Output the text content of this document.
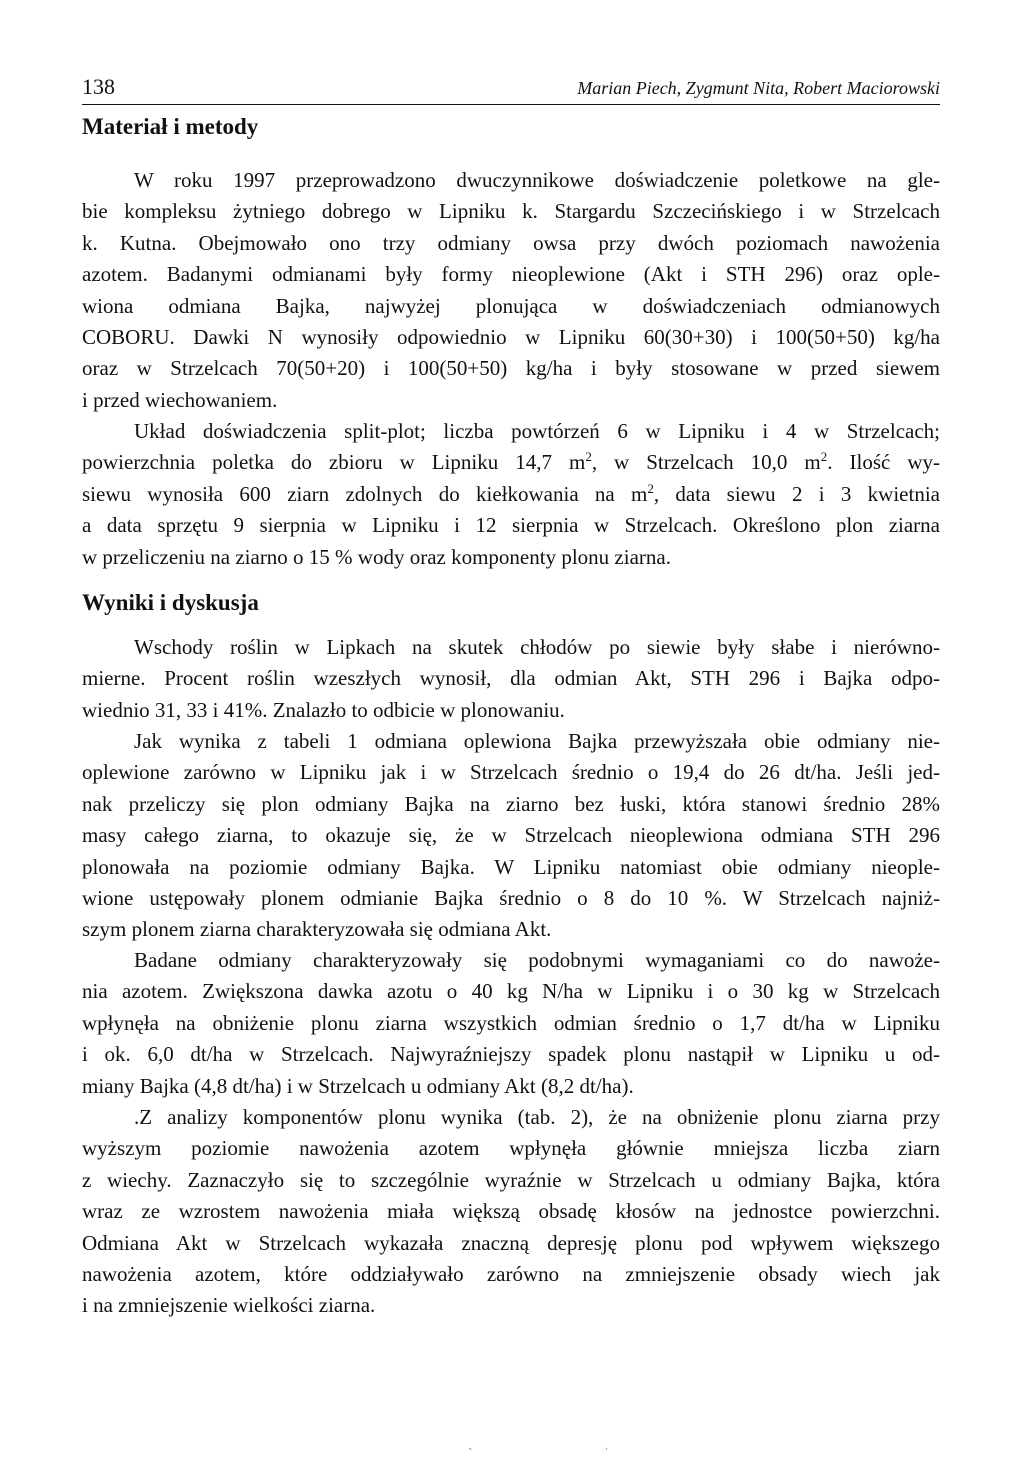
138	Marian Piech, Zygmunt Nita, Robert Maciorowski
Materiał i metody

W roku 1997 przeprowadzono dwuczynnikowe doświadczenie poletkowe na gle-
bie kompleksu żytniego dobrego w Lipniku k. Stargardu Szczecińskiego i w Strzelcach
k. Kutna. Obejmowało ono trzy odmiany owsa przy dwóch poziomach nawożenia
azotem. Badanymi odmianami były formy nieoplewione (Akt i STH 296) oraz ople-
wiona odmiana Bajka, najwyżej plonująca w doświadczeniach odmianowych
COBORU. Dawki N wynosiły odpowiednio w Lipniku 60(30+30) i 100(50+50) kg/ha
oraz w Strzelcach 70(50+20) i 100(50+50) kg/ha i były stosowane w przed siewem
i przed wiechowaniem.

Układ doświadczenia split-plot; liczba powtórzeń 6 w Lipniku i 4 w Strzelcach;
powierzchnia poletka do zbioru w Lipniku 14,7 $m^2$, w Strzelcach 10,0 $m^2$. Ilość wy-
siewu wynosiła 600 ziarn zdolnych do kiełkowania na $m^2$, data siewu 2 i 3 kwietnia
a data sprzętu 9 sierpnia w Lipniku i 12 sierpnia w Strzelcach. Określono plon ziarna
w przeliczeniu na ziarno o 15 % wody oraz komponenty plonu ziarna.

Wyniki i dyskusja

Wschody roślin w Lipkach na skutek chłodów po siewie były słabe i nierówno-
mierne. Procent roślin wzeszłych wynosił, dla odmian Akt, STH 296 i Bajka odpo-
wiednio 31, 33 i 41%. Znalazło to odbicie w plonowaniu.

Jak wynika z tabeli 1 odmiana oplewiona Bajka przewyższała obie odmiany nie-
oplewione zarówno w Lipniku jak i w Strzelcach średnio o 19,4 do 26 dt/ha. Jeśli jed-
nak przeliczy się plon odmiany Bajka na ziarno bez łuski, która stanowi średnio 28%
masy całego ziarna, to okazuje się, że w Strzelcach nieoplewiona odmiana STH 296
plonowała na poziomie odmiany Bajka. W Lipniku natomiast obie odmiany nieople-
wione ustępowały plonem odmianie Bajka średnio o 8 do 10 %. W Strzelcach najniż-
szym plonem ziarna charakteryzowała się odmiana Akt.

Badane odmiany charakteryzowały się podobnymi wymaganiami co do nawoże-
nia azotem. Zwiększona dawka azotu o 40 kg N/ha w Lipniku i o 30 kg w Strzelcach
wpłynęła na obniżenie plonu ziarna wszystkich odmian średnio o 1,7 dt/ha w Lipniku
i ok. 6,0 dt/ha w Strzelcach. Najwyraźniejszy spadek plonu nastąpił w Lipniku u od-
miany Bajka (4,8 dt/ha) i w Strzelcach u odmiany Akt (8,2 dt/ha).

.Z analizy komponentów plonu wynika (tab. 2), że na obniżenie plonu ziarna przy
wyższym poziomie nawożenia azotem wpłynęła głównie mniejsza liczba ziarn
z wiechy. Zaznaczyło się to szczególnie wyraźnie w Strzelcach u odmiany Bajka, która
wraz ze wzrostem nawożenia miała większą obsadę kłosów na jednostce powierzchni.
Odmiana Akt w Strzelcach wykazała znaczną depresję plonu pod wpływem większego
nawożenia azotem, które oddziaływało zarówno na zmniejszenie obsady wiech jak
i na zmniejszenie wielkości ziarna.

ˏ	ˌ
